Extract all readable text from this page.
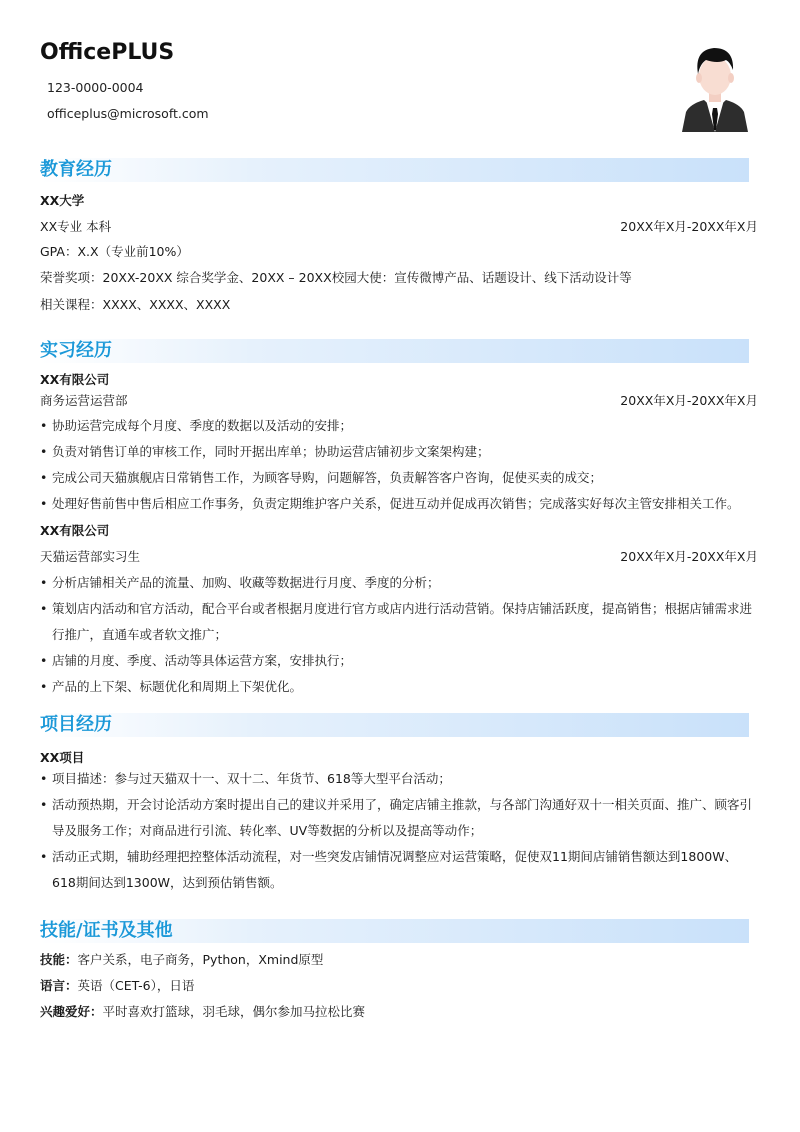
OfficePLUS
123-0000-0004
officeplus@microsoft.com
教育经历
XX大学
XX专业 本科	20XX年X月-20XX年X月
GPA：X.X（专业前10%）
荣誉奖项：20XX-20XX 综合奖学金、20XX – 20XX校园大使：宣传微博产品、话题设计、线下活动设计等
相关课程：XXXX、XXXX、XXXX
实习经历
XX有限公司
商务运营运营部	20XX年X月-20XX年X月
• 协助运营完成每个月度、季度的数据以及活动的安排；
• 负责对销售订单的审核工作，同时开据出库单；协助运营店铺初步文案架构建；
• 完成公司天猫旗舰店日常销售工作，为顾客导购，问题解答，负责解答客户咨询，促使买卖的成交；
• 处理好售前售中售后相应工作事务，负责定期维护客户关系，促进互动并促成再次销售；完成落实好每次主管安排相关工作。
XX有限公司
天猫运营部实习生	20XX年X月-20XX年X月
• 分析店铺相关产品的流量、加购、收藏等数据进行月度、季度的分析；
• 策划店内活动和官方活动，配合平台或者根据月度进行官方或店内进行活动营销。保持店铺活跃度，提高销售；根据店铺需求进行推广，直通车或者软文推广；
• 店铺的月度、季度、活动等具体运营方案，安排执行；
• 产品的上下架、标题优化和周期上下架优化。
项目经历
XX项目
• 项目描述：参与过天猫双十一、双十二、年货节、618等大型平台活动；
• 活动预热期，开会讨论活动方案时提出自己的建议并采用了，确定店铺主推款，与各部门沟通好双十一相关页面、推广、顾客引导及服务工作；对商品进行引流、转化率、UV等数据的分析以及提高等动作；
• 活动正式期，辅助经理把控整体活动流程，对一些突发店铺情况调整应对运营策略，促使双11期间店铺销售额达到1800W、618期间达到1300W，达到预估销售额。
技能/证书及其他
技能：客户关系，电子商务，Python，Xmind原型
语言：英语（CET-6），日语
兴趣爱好：平时喜欢打篮球，羽毛球，偶尔参加马拉松比赛
